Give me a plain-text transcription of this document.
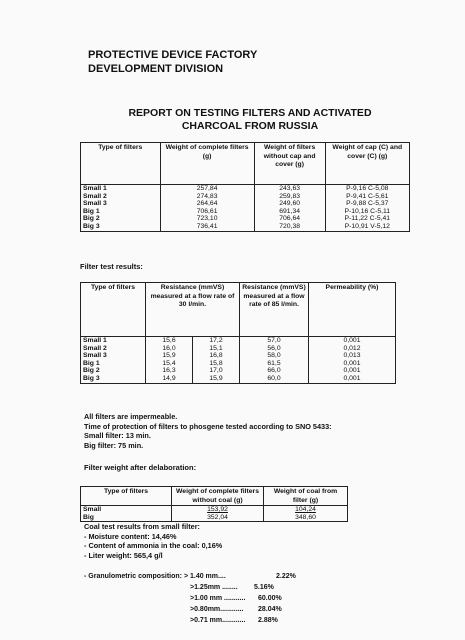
PROTECTIVE DEVICE FACTORY
DEVELOPMENT DIVISION
REPORT ON TESTING FILTERS AND ACTIVATED
CHARCOAL FROM RUSSIA
Type of filters	Weight of complete filters (g)	Weight of filters without cap and cover (g)	Weight of cap (C) and cover (C) (g)
Small 1	257,84	243,63	P-9,16 C-5,08
Small 2	274,83	259,83	P-9,41 C-5,61
Small 3	264,64	249,60	P-9,88 C-5,37
Big 1	706,61	691,34	P-10,16 C-5,11
Big 2	723,10	706,64	P-11,22 C-5,41
Big 3	736,41	720,38	P-10,91 V-5,12
Filter test results:
Type of filters	Resistance (mmVS) measured at a flow rate of 30 l/min.		Resistance (mmVS) measured at a flow rate of 85 l/min.	Permeability (%)
Small 1	15,6	17,2	57,0	0,001
Small 2	16,0	15,1	56,0	0,012
Small 3	15,9	16,8	58,0	0,013
Big 1	15,4	15,8	61,5	0,001
Big 2	16,3	17,0	66,0	0,001
Big 3	14,9	15,9	60,0	0,001
All filters are impermeable.
Time of protection of filters to phosgene tested according to SNO 5433:
Small filter: 13 min.
Big filter: 75 min.
Filter weight after delaboration:
Type of filters	Weight of complete filters without coal (g)	Weight of coal from filter (g)
Small	153,92	104,24
Big	352,04	348,60
Coal test results from small filter:
- Moisture content: 14,46%
- Content of ammonia in the coal: 0,16%
- Liter weight: 565,4 g/l
- Granulometric composition: > 1.40 mm....	2.22%
>1.25mm ........ 5.16%
>1.00 mm ........... 60.00%
>0.80mm............ 28.04%
>0.71 mm............ 2.88%
